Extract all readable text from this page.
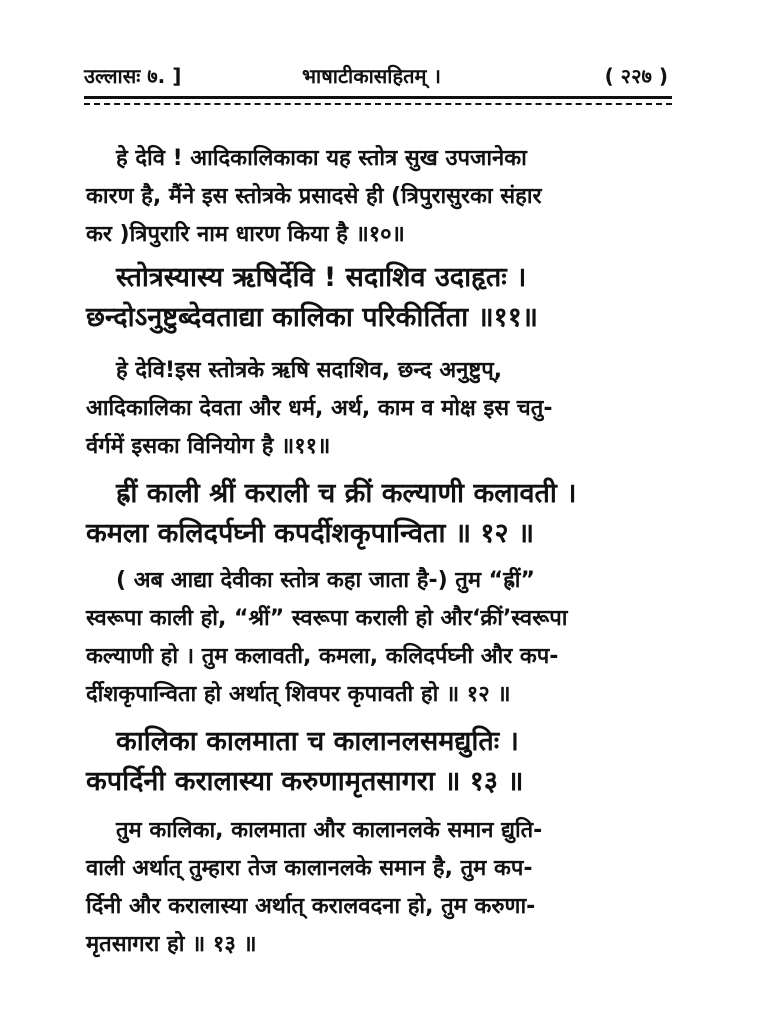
उल्लासः ७. ]	भाषाटीकासहितम् ।	( २२७ )
हे देवि ! आदिकालिकाका यह स्तोत्र सुख उपजानेका
कारण है, मैंने इस स्तोत्रके प्रसादसे ही (त्रिपुरासुरका संहार
कर )त्रिपुरारि नाम धारण किया है ॥१०॥
स्तोत्रस्यास्य ऋषिर्देवि ! सदाशिव उदाहृतः ।
छन्दोऽनुष्टुब्देवताद्या कालिका परिकीर्तिता ॥११॥
हे देवि!इस स्तोत्रके ऋषि सदाशिव, छन्द अनुष्टुप्,
आदिकालिका देवता और धर्म, अर्थ, काम व मोक्ष इस चतु-
र्वर्गमें इसका विनियोग है ॥११॥
ह्रीं काली श्रीं कराली च क्रीं कल्याणी कलावती ।
कमला कलिदर्पघ्नी कपर्दीशकृपान्विता ॥ १२ ॥
( अब आद्या देवीका स्तोत्र कहा जाता है-) तुम “ह्रीं”
स्वरूपा काली हो, “श्रीं” स्वरूपा कराली हो और‘क्रीं’स्वरूपा
कल्याणी हो । तुम कलावती, कमला, कलिदर्पघ्नी और कप-
र्दीशकृपान्विता हो अर्थात् शिवपर कृपावती हो ॥ १२ ॥
कालिका कालमाता च कालानलसमद्युतिः ।
कपर्दिनी करालास्या करुणामृतसागरा ॥ १३ ॥
तुम कालिका, कालमाता और कालानलके समान द्युति-
वाली अर्थात् तुम्हारा तेज कालानलके समान है, तुम कप-
र्दिनी और करालास्या अर्थात् करालवदना हो, तुम करुणा-
मृतसागरा हो ॥ १३ ॥
